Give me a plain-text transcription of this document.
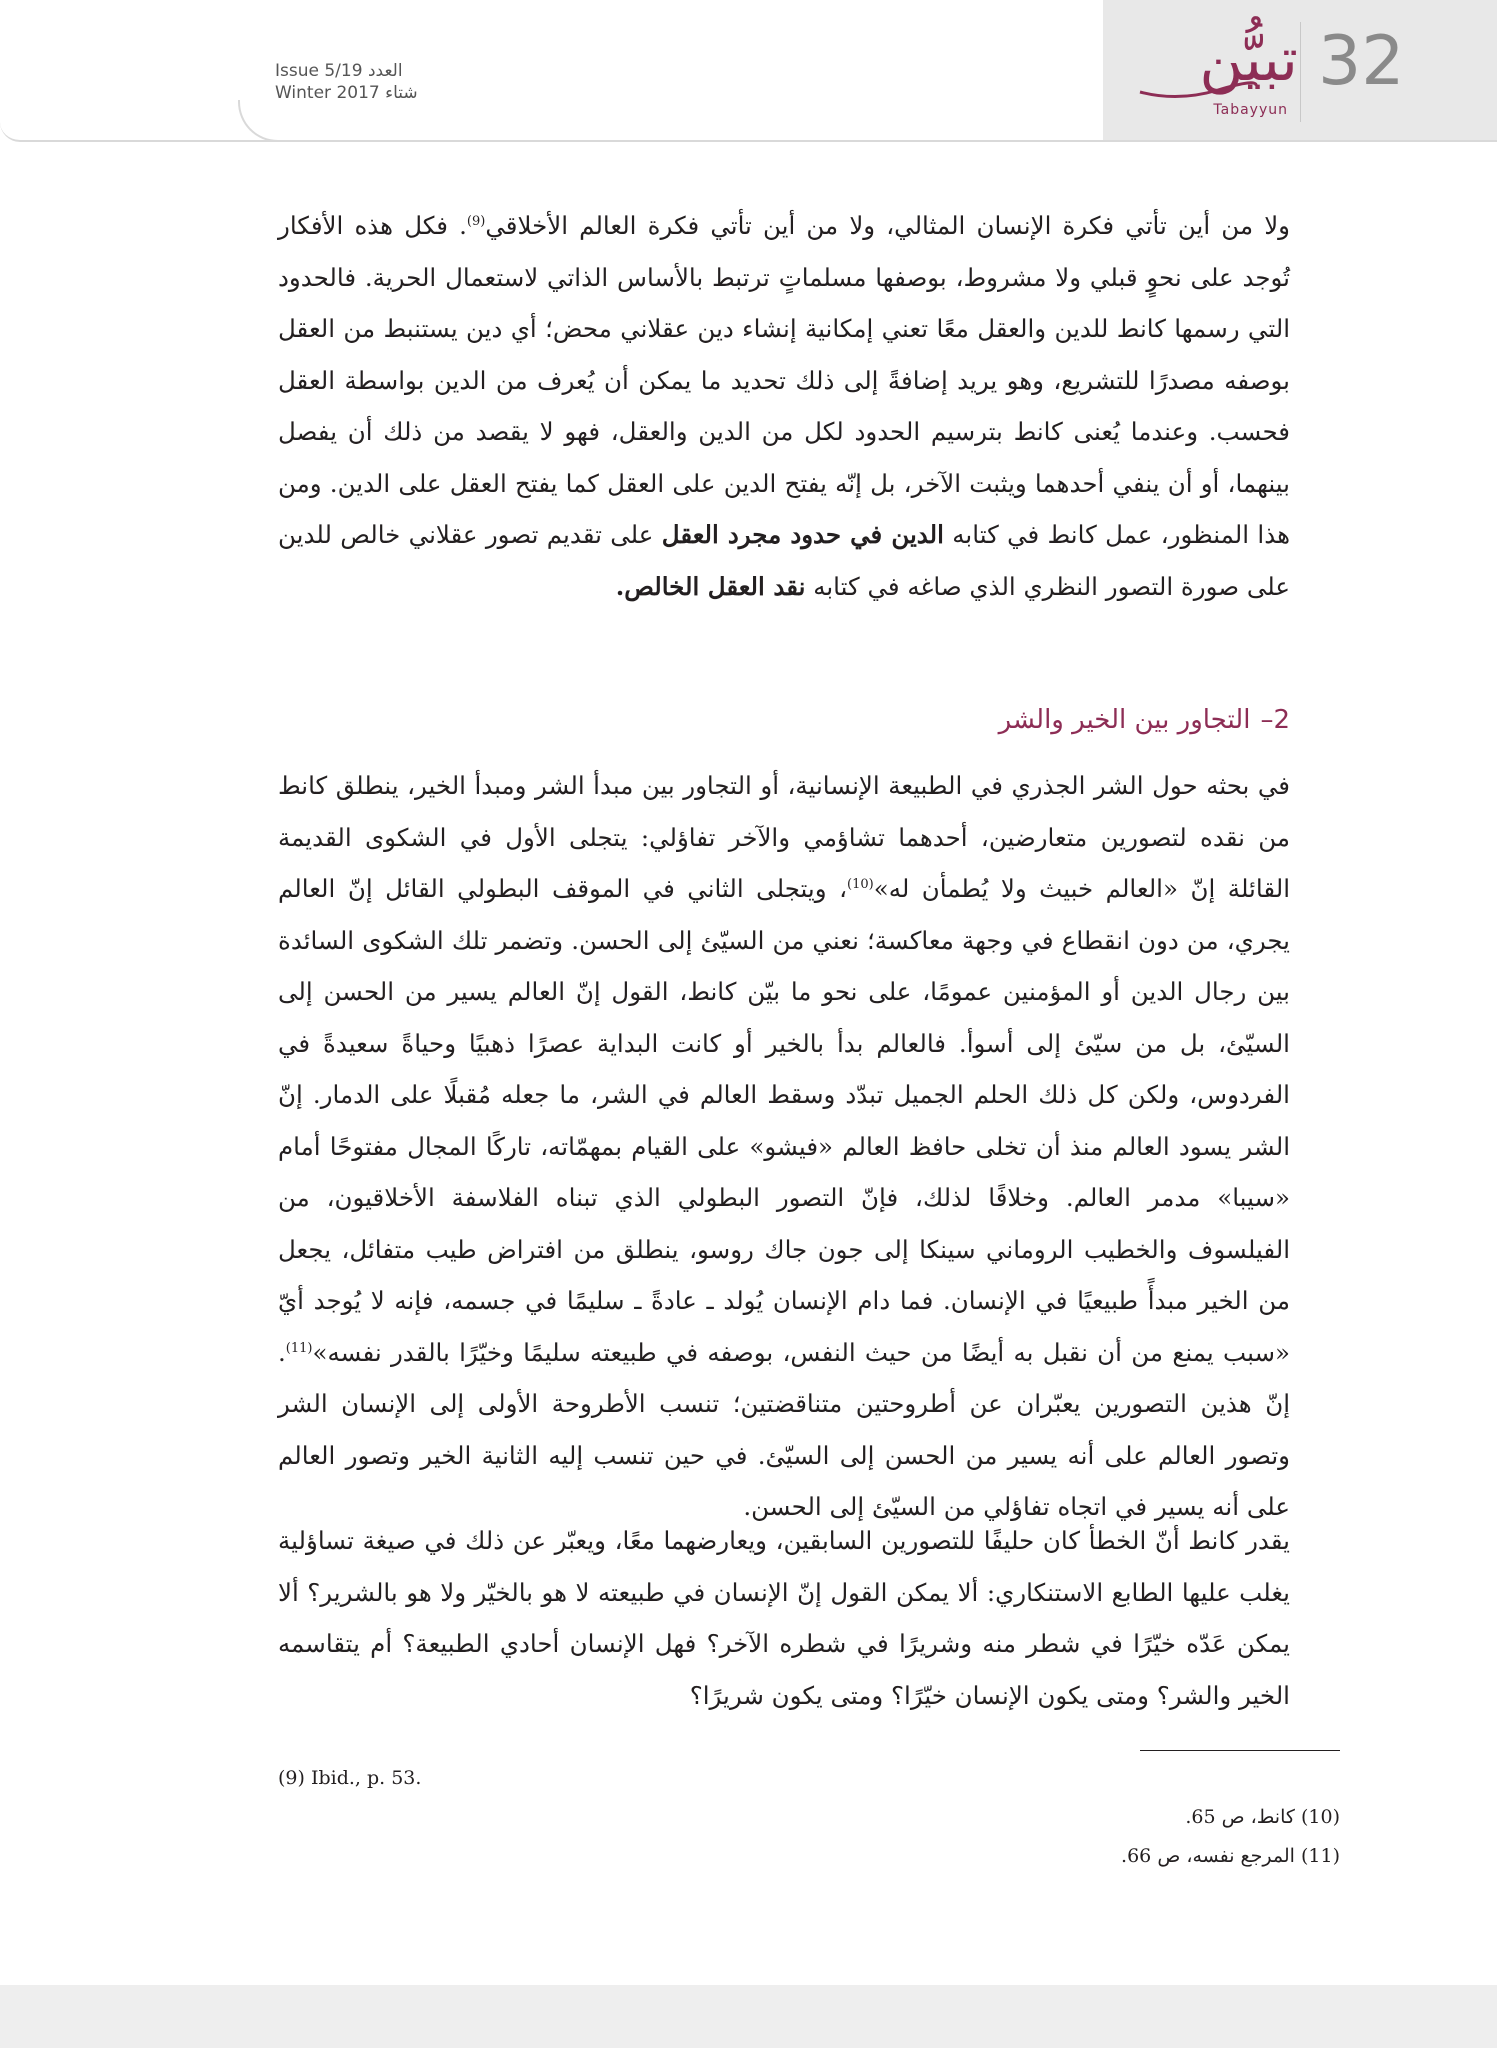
Issue 5/19 العدد
Winter 2017 شتاء	تبيُّن
Tabayyun
32

ولا من أين تأتي فكرة الإنسان المثالي، ولا من أين تأتي فكرة العالم الأخلاقي$^{(9)}$. فكل هذه الأفكار تُوجد على نحوٍ قبلي ولا مشروط، بوصفها مسلماتٍ ترتبط بالأساس الذاتي لاستعمال الحرية. فالحدود التي رسمها كانط للدين والعقل معًا تعني إمكانية إنشاء دين عقلاني محض؛ أي دين يستنبط من العقل بوصفه مصدرًا للتشريع، وهو يريد إضافةً إلى ذلك تحديد ما يمكن أن يُعرف من الدين بواسطة العقل فحسب. وعندما يُعنى كانط بترسيم الحدود لكل من الدين والعقل، فهو لا يقصد من ذلك أن يفصل بينهما، أو أن ينفي أحدهما ويثبت الآخر، بل إنّه يفتح الدين على العقل كما يفتح العقل على الدين. ومن هذا المنظور، عمل كانط في كتابه الدين في حدود مجرد العقل على تقديم تصور عقلاني خالص للدين على صورة التصور النظري الذي صاغه في كتابه نقد العقل الخالص.

2–التجاور بين الخير والشر

في بحثه حول الشر الجذري في الطبيعة الإنسانية، أو التجاور بين مبدأ الشر ومبدأ الخير، ينطلق كانط من نقده لتصورين متعارضين، أحدهما تشاؤمي والآخر تفاؤلي: يتجلى الأول في الشكوى القديمة القائلة إنّ «العالم خبيث ولا يُطمأن له»$^{(10)}$، ويتجلى الثاني في الموقف البطولي القائل إنّ العالم يجري، من دون انقطاع في وجهة معاكسة؛ نعني من السيّئ إلى الحسن. وتضمر تلك الشكوى السائدة بين رجال الدين أو المؤمنين عمومًا، على نحو ما بيّن كانط، القول إنّ العالم يسير من الحسن إلى السيّئ، بل من سيّئ إلى أسوأ. فالعالم بدأ بالخير أو كانت البداية عصرًا ذهبيًا وحياةً سعيدةً في الفردوس، ولكن كل ذلك الحلم الجميل تبدّد وسقط العالم في الشر، ما جعله مُقبلًا على الدمار. إنّ الشر يسود العالم منذ أن تخلى حافظ العالم «فيشو» على القيام بمهمّاته، تاركًا المجال مفتوحًا أمام «سيبا» مدمر العالم. وخلافًا لذلك، فإنّ التصور البطولي الذي تبناه الفلاسفة الأخلاقيون، من الفيلسوف والخطيب الروماني سينكا إلى جون جاك روسو، ينطلق من افتراض طيب متفائل، يجعل من الخير مبدأً طبيعيًا في الإنسان. فما دام الإنسان يُولد ـ عادةً ـ سليمًا في جسمه، فإنه لا يُوجد أيّ «سبب يمنع من أن نقبل به أيضًا من حيث النفس، بوصفه في طبيعته سليمًا وخيّرًا بالقدر نفسه»$^{(11)}$. إنّ هذين التصورين يعبّران عن أطروحتين متناقضتين؛ تنسب الأطروحة الأولى إلى الإنسان الشر وتصور العالم على أنه يسير من الحسن إلى السيّئ. في حين تنسب إليه الثانية الخير وتصور العالم على أنه يسير في اتجاه تفاؤلي من السيّئ إلى الحسن.

يقدر كانط أنّ الخطأ كان حليفًا للتصورين السابقين، ويعارضهما معًا، ويعبّر عن ذلك في صيغة تساؤلية يغلب عليها الطابع الاستنكاري: ألا يمكن القول إنّ الإنسان في طبيعته لا هو بالخيّر ولا هو بالشرير؟ ألا يمكن عَدّه خيّرًا في شطر منه وشريرًا في شطره الآخر؟ فهل الإنسان أحادي الطبيعة؟ أم يتقاسمه الخير والشر؟ ومتى يكون الإنسان خيّرًا؟ ومتى يكون شريرًا؟

(9) Ibid., p. 53.
(10) كانط، ص 65.
(11) المرجع نفسه، ص 66.
